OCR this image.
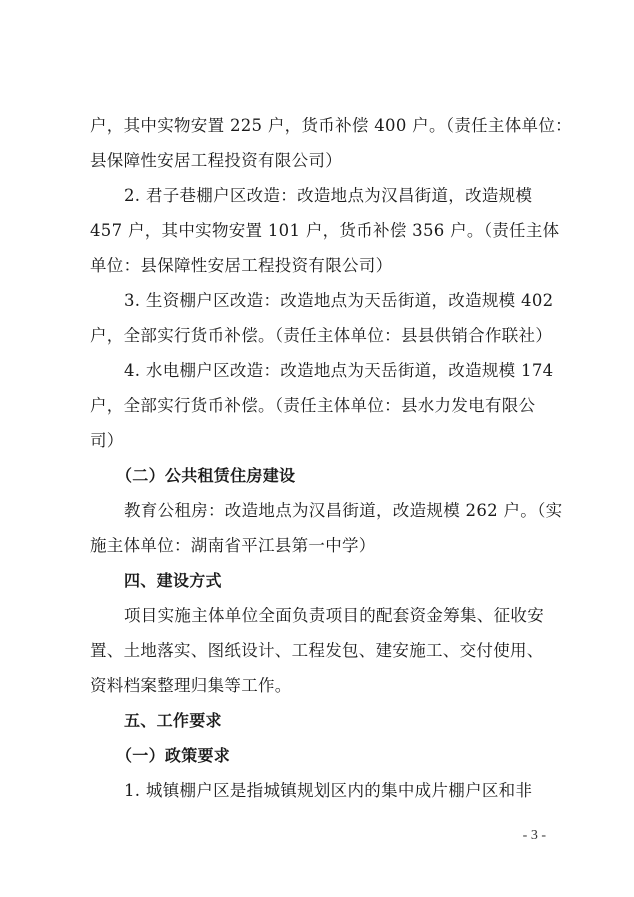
户，其中实物安置 225 户，货币补偿 400 户。（责任主体单位：
县保障性安居工程投资有限公司）
2. 君子巷棚户区改造：改造地点为汉昌街道，改造规模
457 户，其中实物安置 101 户，货币补偿 356 户。（责任主体
单位：县保障性安居工程投资有限公司）
3. 生资棚户区改造：改造地点为天岳街道，改造规模 402
户，全部实行货币补偿。（责任主体单位：县县供销合作联社）
4. 水电棚户区改造：改造地点为天岳街道，改造规模 174
户，全部实行货币补偿。（责任主体单位：县水力发电有限公
司）
（二）公共租赁住房建设
教育公租房：改造地点为汉昌街道，改造规模 262 户。（实
施主体单位：湖南省平江县第一中学）
四、建设方式
项目实施主体单位全面负责项目的配套资金筹集、征收安
置、土地落实、图纸设计、工程发包、建安施工、交付使用、
资料档案整理归集等工作。
五、工作要求
（一）政策要求
1. 城镇棚户区是指城镇规划区内的集中成片棚户区和非
- 3 -
